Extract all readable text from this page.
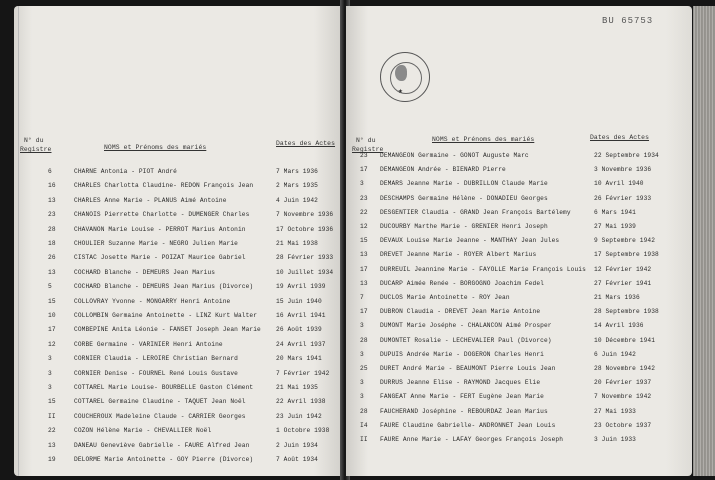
N° du
Registre	NOMS et Prénoms des mariés
Dates des Actes
6	CHARNE Antonia - PIOT André	7 Mars 1936
16	CHARLES Charlotta Claudine- REDON François Jean	2 Mars 1935
13	CHARLES Anne Marie - PLANUS Aimé Antoine	4 Juin 1942
23	CHANOIS Pierrette Charlotte - DUMENGER Charles	7 Novembre 1936
28	CHAVANON Marie Louise - PERROT Marius Antonin	17 Octobre 1936
18	CHOULIER Suzanne Marie - NEGRO Julien Marie	21 Mai 1938
26	CISTAC Josette Marie - POIZAT Maurice Gabriel	28 Février 1933
13	COCHARD Blanche - DEMEURS Jean Marius	10 Juillet 1934
5	COCHARD Blanche - DEMEURS Jean Marius (Divorce)	19 Avril 1939
15	COLLOVRAY Yvonne - MONGARRY Henri Antoine	15 Juin 1940
10	COLLOMBIN Germaine Antoinette - LINZ Kurt Walter	16 Avril 1941
17	COMBEPINE Anita Léonie - FANSET Joseph Jean Marie 26 Août 1939
12	CORBE Germaine - VARINIER Henri Antoine	24 Avril 1937
3	CORNIER Claudia - LEROIRE Christian Bernard	20 Mars 1941
3	CORNIER Denise - FOURNEL René Louis Gustave	7 Février 1942
3	COTTAREL Marie Louise- BOURBELLE Gaston Clément	21 Mai 1935
15	COTTAREL Germaine Claudine - TAQUET Jean Noël	22 Avril 1938
II	COUCHEROUX Madeleine Claude - CARRIER Georges	23 Juin 1942
22	COZON Hélène Marie - CHEVALLIER Noël	1 Octobre 1938
13	DANEAU Geneviève Gabrielle - FAURE Alfred Jean	2 Juin 1934
19	DELORME Marie Antoinette - GOY Pierre (Divorce)	7 Août 1934
N° du
Registre
NOMS et Prénoms des mariés	Dates des Actes
23 DEMANGEON Germaine - GONOT Auguste Marc	22 Septembre 1934
17 DEMANGEON Andrée - BIENARD Pierre	3 Novembre 1936
3	DEMARS Jeanne Marie - DUBRILLON Claude Marie	10 Avril 1940
23 DESCHAMPS Germaine Hélène - DONADIEU Georges	26 Février 1933
22 DESGENTIER Claudia - GRAND Jean François Bartélemy	6 Mars 1941
12 DUCOURBY Marthe Marie - GRENIER Henri Joseph	27 Mai 1939
15 DEVAUX Louise Marie Jeanne - MANTHAY Jean Jules	9 Septembre 1942
13 DREVET Jeanne Marie - ROYER Albert Marius	17 Septembre 1938
17 DURREUIL Jeannine Marie - FAYOLLE Marie François Louis 12 Février 1942
13 DUCARP Aimée Renée - BORGOGNO Joachim Fedel	27 Février 1941
7	DUCLOS Marie Antoinette - ROY Jean	21 Mars 1936
17 DUBRON Claudia - DREVET Jean Marie Antoine	28 Septembre 1938
3	DUMONT Marie Joséphe - CHALANCON Aimé Prosper	14 Avril 1936
28 DUMONTET Rosalie - LECHEVALIER Paul (Divorce)	10 Décembre 1941
3	DUPUIS Andrée Marie - DOGERON Charles Henri	6 Juin 1942
25 DURET André Marie - BEAUMONT Pierre Louis Jean	28 Novembre 1942
3	DURRUS Jeanne Elise - RAYMOND Jacques Elie	20 Février 1937
3	FANGEAT Anne Marie - FERT Eugène Jean Marie	7 Novembre 1942
28 FAUCHERAND Joséphine - REBOURDAZ Jean Marius	27 Mai 1933
I4 FAURE Claudine Gabrielle- ANDRONNET Jean Louis	23 Octobre 1937
II FAURE Anne Marie - LAFAY Georges François Joseph	3 Juin 1933
BU 65753
★
